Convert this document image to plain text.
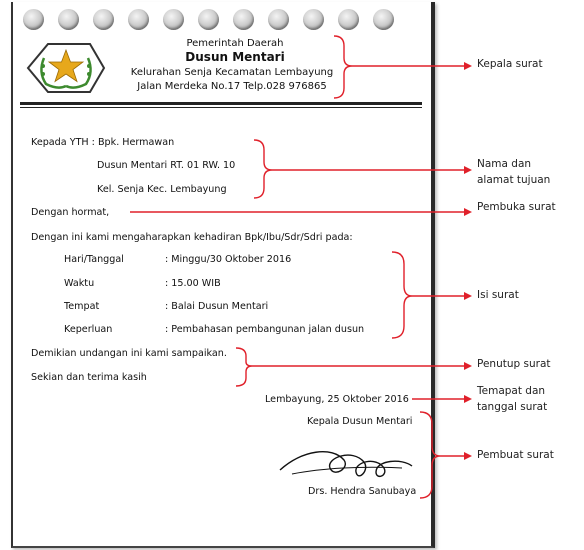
Pemerintah Daerah
Dusun Mentari
Kelurahan Senja Kecamatan Lembayung
Jalan Merdeka No.17 Telp.028 976865
Kepada YTH : Bpk. Hermawan
Dusun Mentari RT. 01 RW. 10
Kel. Senja Kec. Lembayung
Dengan hormat,
Dengan ini kami mengaharapkan kehadiran Bpk/Ibu/Sdr/Sdri pada:
Hari/Tanggal	: Minggu/30 Oktober 2016
Waktu	: 15.00 WIB
Tempat	: Balai Dusun Mentari
Keperluan	: Pembahasan pembangunan jalan dusun
Demikian undangan ini kami sampaikan.
Sekian dan terima kasih
Lembayung, 25 Oktober 2016
Kepala Dusun Mentari
Drs. Hendra Sanubaya
Kepala surat
Nama dan
alamat tujuan
Pembuka surat
Isi surat
Penutup surat
Temapat dan
tanggal surat
Pembuat surat
